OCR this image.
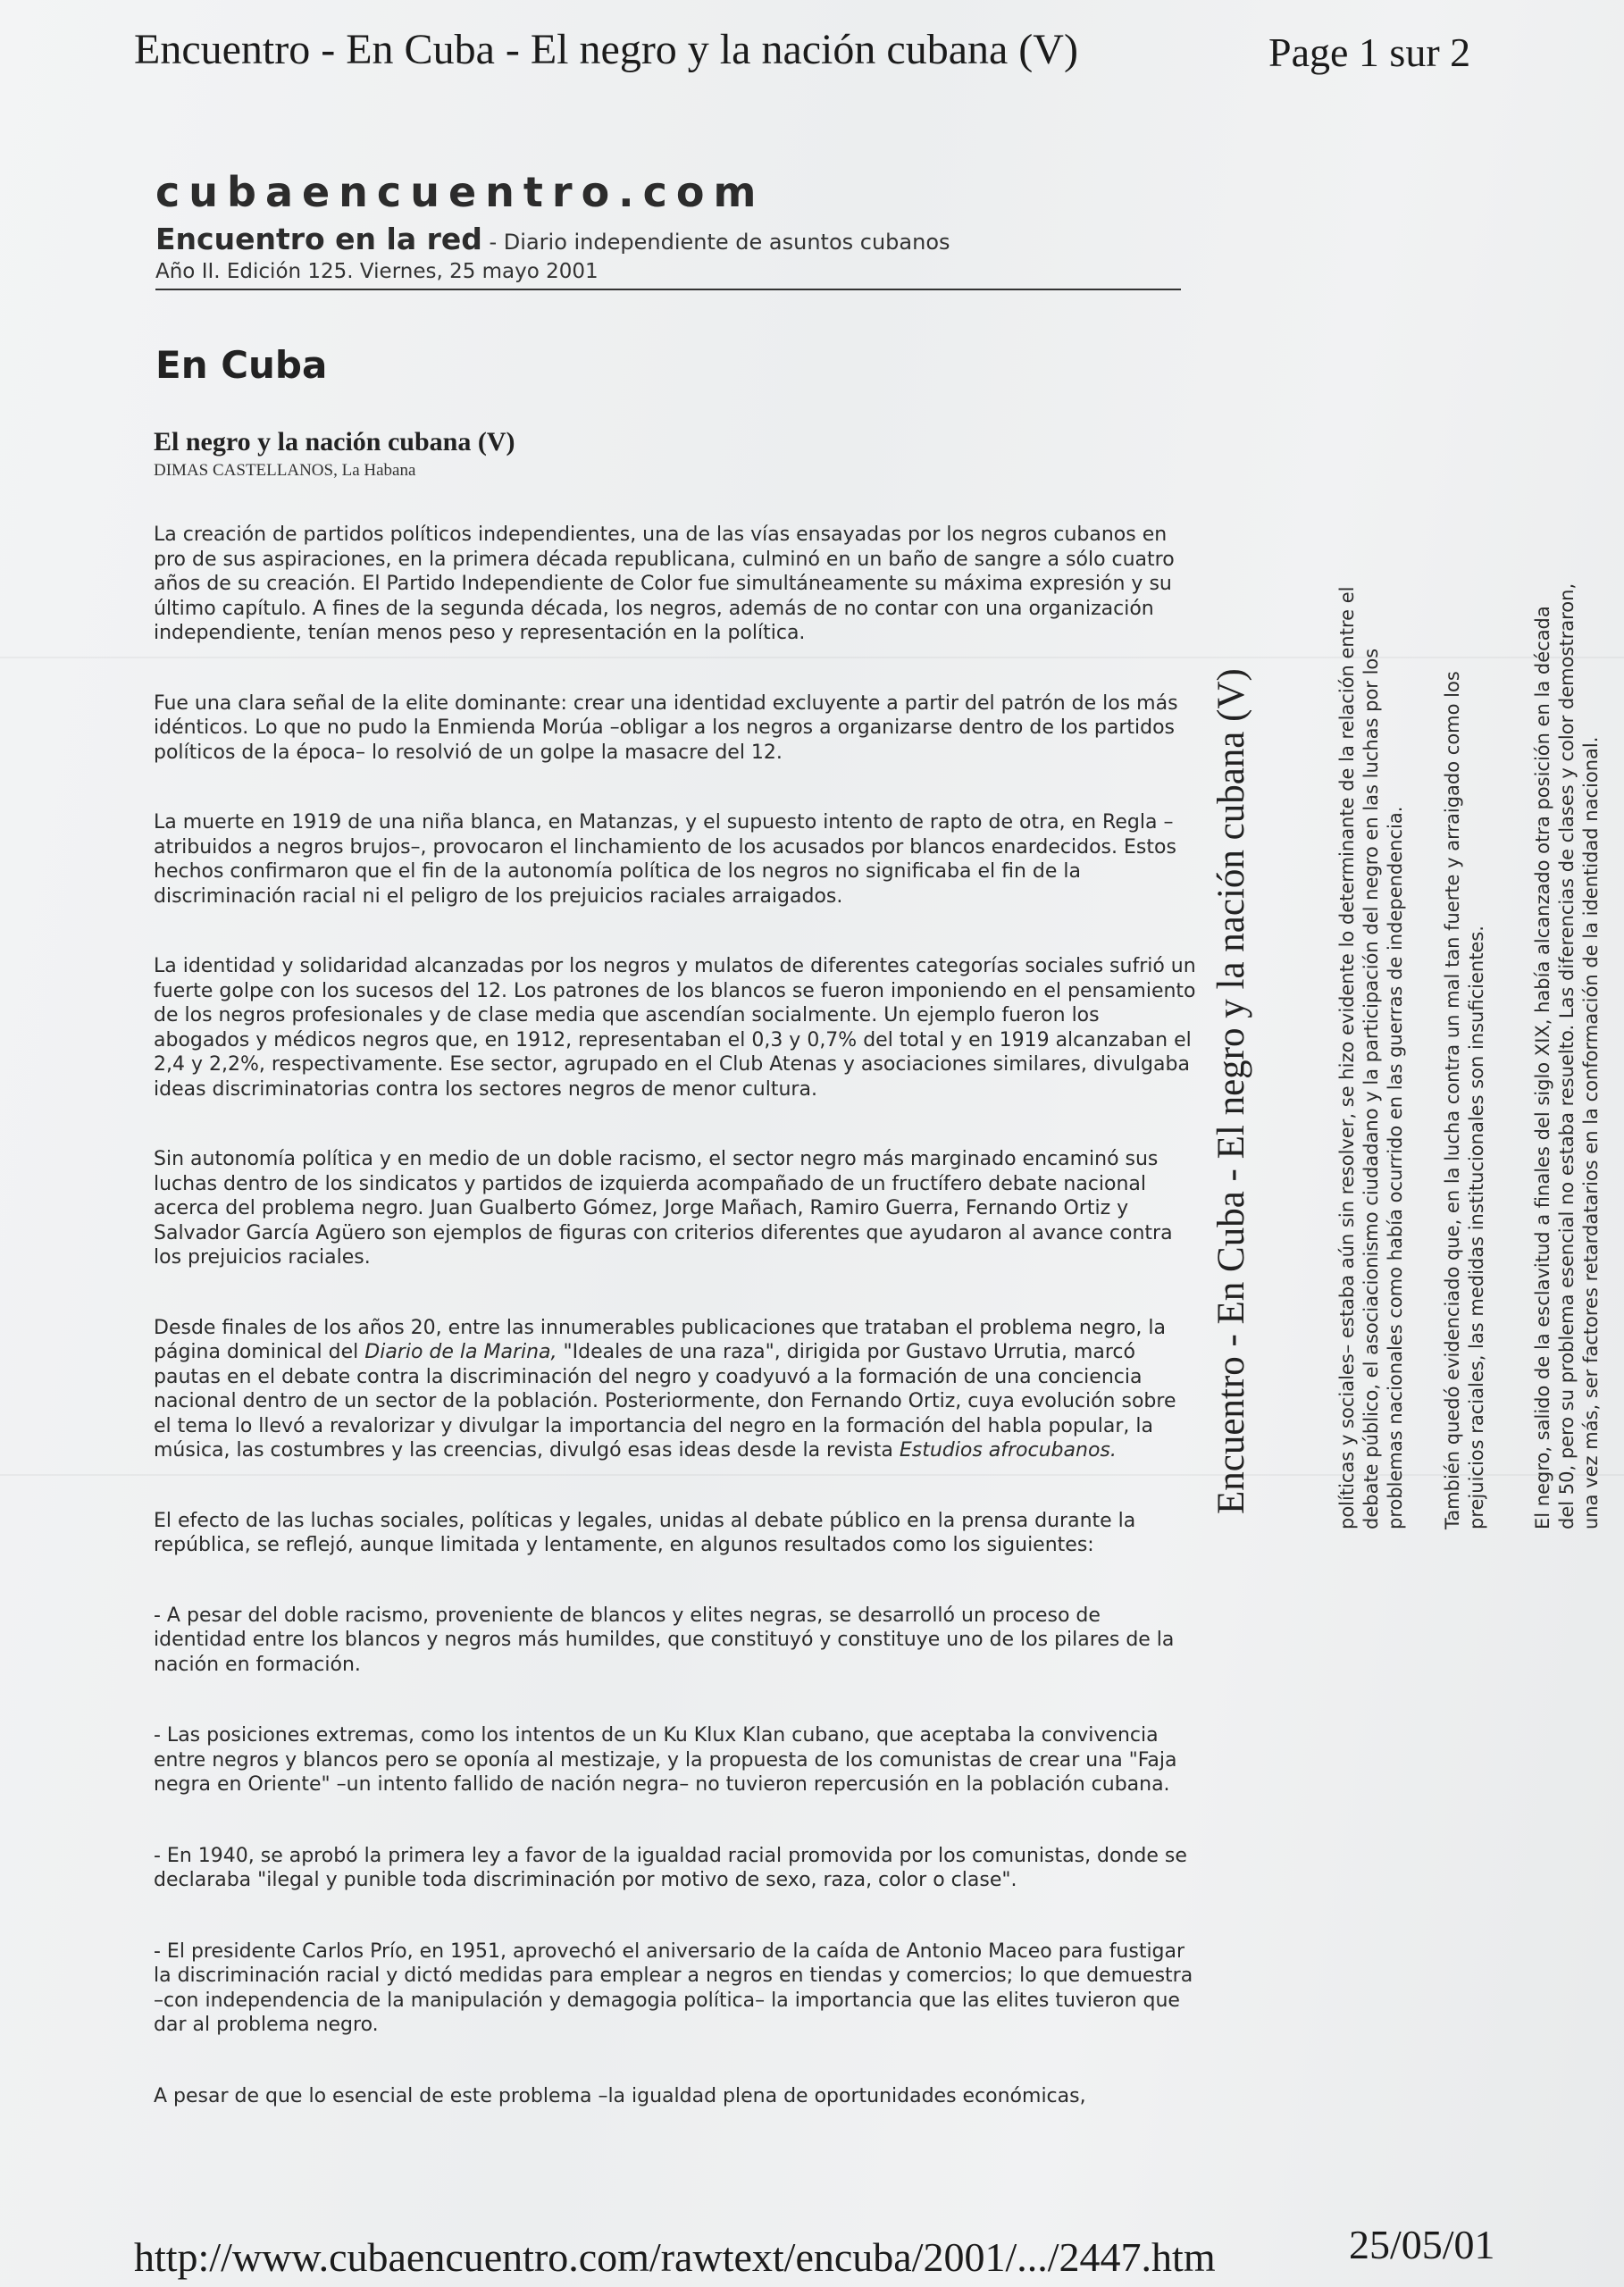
Encuentro - En Cuba - El negro y la nación cubana (V)	Page 1 sur 2
cubaencuentro.com
Encuentro en la red - Diario independiente de asuntos cubanos
Año II. Edición 125. Viernes, 25 mayo 2001
En Cuba
El negro y la nación cubana (V)
DIMAS CASTELLANOS, La Habana

La creación de partidos políticos independientes, una de las vías ensayadas por los negros cubanos en pro de sus aspiraciones, en la primera década republicana, culminó en un baño de sangre a sólo cuatro años de su creación. El Partido Independiente de Color fue simultáneamente su máxima expresión y su último capítulo. A fines de la segunda década, los negros, además de no contar con una organización independiente, tenían menos peso y representación en la política.

Fue una clara señal de la elite dominante: crear una identidad excluyente a partir del patrón de los más idénticos. Lo que no pudo la Enmienda Morúa –obligar a los negros a organizarse dentro de los partidos políticos de la época– lo resolvió de un golpe la masacre del 12.

La muerte en 1919 de una niña blanca, en Matanzas, y el supuesto intento de rapto de otra, en Regla –atribuidos a negros brujos–, provocaron el linchamiento de los acusados por blancos enardecidos. Estos hechos confirmaron que el fin de la autonomía política de los negros no significaba el fin de la discriminación racial ni el peligro de los prejuicios raciales arraigados.

La identidad y solidaridad alcanzadas por los negros y mulatos de diferentes categorías sociales sufrió un fuerte golpe con los sucesos del 12. Los patrones de los blancos se fueron imponiendo en el pensamiento de los negros profesionales y de clase media que ascendían socialmente. Un ejemplo fueron los abogados y médicos negros que, en 1912, representaban el 0,3 y 0,7% del total y en 1919 alcanzaban el 2,4 y 2,2%, respectivamente. Ese sector, agrupado en el Club Atenas y asociaciones similares, divulgaba ideas discriminatorias contra los sectores negros de menor cultura.

Sin autonomía política y en medio de un doble racismo, el sector negro más marginado encaminó sus luchas dentro de los sindicatos y partidos de izquierda acompañado de un fructífero debate nacional acerca del problema negro. Juan Gualberto Gómez, Jorge Mañach, Ramiro Guerra, Fernando Ortiz y Salvador García Agüero son ejemplos de figuras con criterios diferentes que ayudaron al avance contra los prejuicios raciales.

Desde finales de los años 20, entre las innumerables publicaciones que trataban el problema negro, la página dominical del Diario de la Marina, "Ideales de una raza", dirigida por Gustavo Urrutia, marcó pautas en el debate contra la discriminación del negro y coadyuvó a la formación de una conciencia nacional dentro de un sector de la población. Posteriormente, don Fernando Ortiz, cuya evolución sobre el tema lo llevó a revalorizar y divulgar la importancia del negro en la formación del habla popular, la música, las costumbres y las creencias, divulgó esas ideas desde la revista Estudios afrocubanos.

El efecto de las luchas sociales, políticas y legales, unidas al debate público en la prensa durante la república, se reflejó, aunque limitada y lentamente, en algunos resultados como los siguientes:

- A pesar del doble racismo, proveniente de blancos y elites negras, se desarrolló un proceso de identidad entre los blancos y negros más humildes, que constituyó y constituye uno de los pilares de la nación en formación.

- Las posiciones extremas, como los intentos de un Ku Klux Klan cubano, que aceptaba la convivencia entre negros y blancos pero se oponía al mestizaje, y la propuesta de los comunistas de crear una "Faja negra en Oriente" –un intento fallido de nación negra– no tuvieron repercusión en la población cubana.

- En 1940, se aprobó la primera ley a favor de la igualdad racial promovida por los comunistas, donde se declaraba "ilegal y punible toda discriminación por motivo de sexo, raza, color o clase".

- El presidente Carlos Prío, en 1951, aprovechó el aniversario de la caída de Antonio Maceo para fustigar la discriminación racial y dictó medidas para emplear a negros en tiendas y comercios; lo que demuestra –con independencia de la manipulación y demagogia política– la importancia que las elites tuvieron que dar al problema negro.

A pesar de que lo esencial de este problema –la igualdad plena de oportunidades económicas,

Encuentro - En Cuba - El negro y la nación cubana (V)	políticas y sociales– estaba aún sin resolver, se hizo evidente lo determinante de la relación entre el debate público, el asociacionismo ciudadano y la participación del negro en las luchas por los problemas nacionales como había ocurrido en las guerras de independencia. También quedó evidenciado que, en la lucha contra un mal tan fuerte y arraigado como los prejuicios raciales, las medidas institucionales son insuficientes. El negro, salido de la esclavitud a finales del siglo XIX, había alcanzado otra posición en la década del 50, pero su problema esencial no estaba resuelto. Las diferencias de clases y color demostraron, una vez más, ser factores retardatarios en la conformación de la identidad nacional.
http://www.cubaencuentro.com/rawtext/encuba/2001/.../2447.htm	25/05/01
